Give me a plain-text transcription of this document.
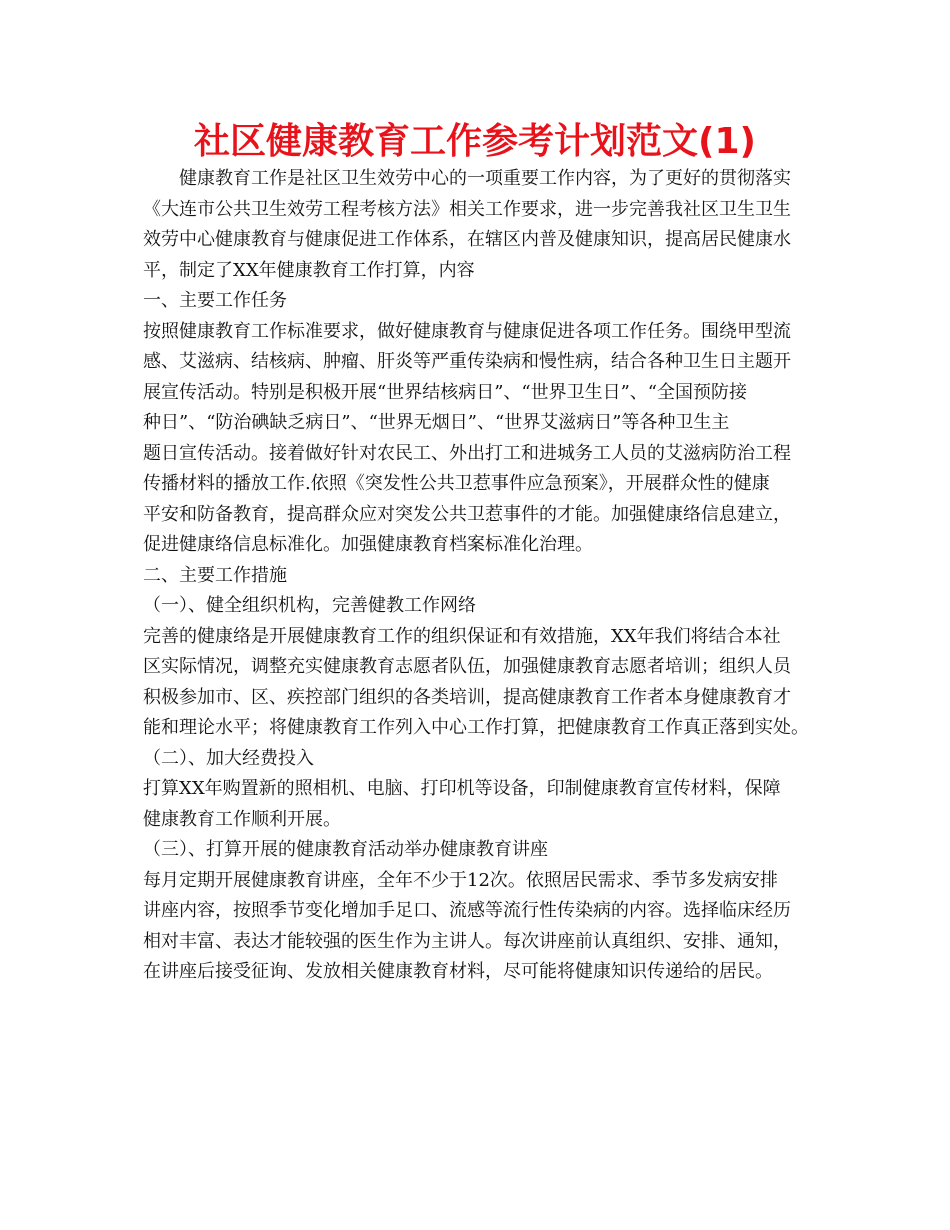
社区健康教育工作参考计划范文(1)
健康教育工作是社区卫生效劳中心的一项重要工作内容，为了更好的贯彻落实
《大连市公共卫生效劳工程考核方法》相关工作要求，进一步完善我社区卫生卫生
效劳中心健康教育与健康促进工作体系，在辖区内普及健康知识，提高居民健康水
平，制定了XX年健康教育工作打算，内容
一、主要工作任务
按照健康教育工作标准要求，做好健康教育与健康促进各项工作任务。围绕甲型流
感、艾滋病、结核病、肿瘤、肝炎等严重传染病和慢性病，结合各种卫生日主题开
展宣传活动。特别是积极开展“世界结核病日”、“世界卫生日”、“全国预防接
种日”、“防治碘缺乏病日”、“世界无烟日”、“世界艾滋病日”等各种卫生主
题日宣传活动。接着做好针对农民工、外出打工和进城务工人员的艾滋病防治工程
传播材料的播放工作.依照《突发性公共卫惹事件应急预案》，开展群众性的健康
平安和防备教育，提高群众应对突发公共卫惹事件的才能。加强健康络信息建立，
促进健康络信息标准化。加强健康教育档案标准化治理。
二、主要工作措施
（一）、健全组织机构，完善健教工作网络
完善的健康络是开展健康教育工作的组织保证和有效措施，XX年我们将结合本社
区实际情况，调整充实健康教育志愿者队伍，加强健康教育志愿者培训；组织人员
积极参加市、区、疾控部门组织的各类培训，提高健康教育工作者本身健康教育才
能和理论水平；将健康教育工作列入中心工作打算，把健康教育工作真正落到实处。
（二）、加大经费投入
打算XX年购置新的照相机、电脑、打印机等设备，印制健康教育宣传材料，保障
健康教育工作顺利开展。
（三）、打算开展的健康教育活动举办健康教育讲座
每月定期开展健康教育讲座，全年不少于12次。依照居民需求、季节多发病安排
讲座内容，按照季节变化增加手足口、流感等流行性传染病的内容。选择临床经历
相对丰富、表达才能较强的医生作为主讲人。每次讲座前认真组织、安排、通知，
在讲座后接受征询、发放相关健康教育材料，尽可能将健康知识传递给的居民。
